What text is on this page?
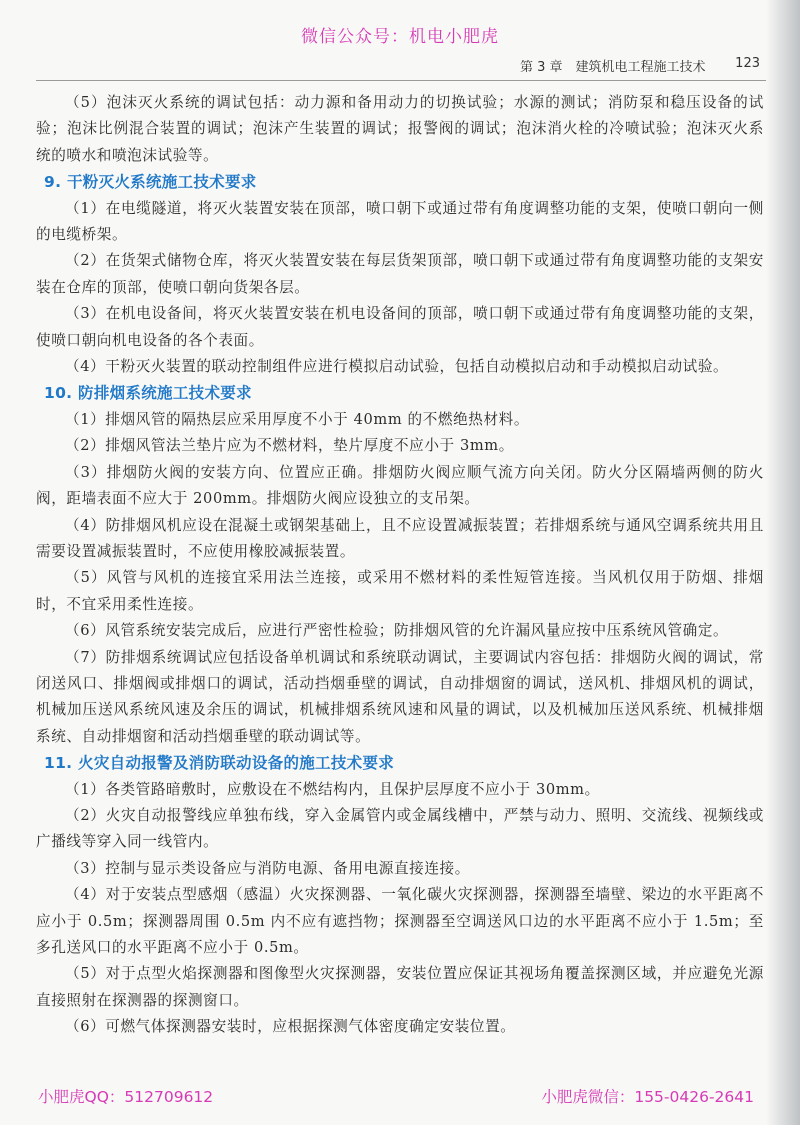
微信公众号：机电小肥虎
第 3 章　建筑机电工程施工技术 123

（5）泡沫灭火系统的调试包括：动力源和备用动力的切换试验；水源的测试；消防泵和稳压设备的试验；泡沫比例混合装置的调试；泡沫产生装置的调试；报警阀的调试；泡沫消火栓的冷喷试验；泡沫灭火系统的喷水和喷泡沫试验等。

9. 干粉灭火系统施工技术要求

（1）在电缆隧道，将灭火装置安装在顶部，喷口朝下或通过带有角度调整功能的支架，使喷口朝向一侧的电缆桥架。

（2）在货架式储物仓库，将灭火装置安装在每层货架顶部，喷口朝下或通过带有角度调整功能的支架安装在仓库的顶部，使喷口朝向货架各层。

（3）在机电设备间，将灭火装置安装在机电设备间的顶部，喷口朝下或通过带有角度调整功能的支架，使喷口朝向机电设备的各个表面。

（4）干粉灭火装置的联动控制组件应进行模拟启动试验，包括自动模拟启动和手动模拟启动试验。

10. 防排烟系统施工技术要求

（1）排烟风管的隔热层应采用厚度不小于 40mm 的不燃绝热材料。

（2）排烟风管法兰垫片应为不燃材料，垫片厚度不应小于 3mm。

（3）排烟防火阀的安装方向、位置应正确。排烟防火阀应顺气流方向关闭。防火分区隔墙两侧的防火阀，距墙表面不应大于 200mm。排烟防火阀应设独立的支吊架。

（4）防排烟风机应设在混凝土或钢架基础上，且不应设置减振装置；若排烟系统与通风空调系统共用且需要设置减振装置时，不应使用橡胶减振装置。

（5）风管与风机的连接宜采用法兰连接，或采用不燃材料的柔性短管连接。当风机仅用于防烟、排烟时，不宜采用柔性连接。

（6）风管系统安装完成后，应进行严密性检验；防排烟风管的允许漏风量应按中压系统风管确定。

（7）防排烟系统调试应包括设备单机调试和系统联动调试，主要调试内容包括：排烟防火阀的调试，常闭送风口、排烟阀或排烟口的调试，活动挡烟垂壁的调试，自动排烟窗的调试，送风机、排烟风机的调试，机械加压送风系统风速及余压的调试，机械排烟系统风速和风量的调试，以及机械加压送风系统、机械排烟系统、自动排烟窗和活动挡烟垂壁的联动调试等。

11. 火灾自动报警及消防联动设备的施工技术要求

（1）各类管路暗敷时，应敷设在不燃结构内，且保护层厚度不应小于 30mm。

（2）火灾自动报警线应单独布线，穿入金属管内或金属线槽中，严禁与动力、照明、交流线、视频线或广播线等穿入同一线管内。

（3）控制与显示类设备应与消防电源、备用电源直接连接。

（4）对于安装点型感烟（感温）火灾探测器、一氧化碳火灾探测器，探测器至墙壁、梁边的水平距离不应小于 0.5m；探测器周围 0.5m 内不应有遮挡物；探测器至空调送风口边的水平距离不应小于 1.5m；至多孔送风口的水平距离不应小于 0.5m。

（5）对于点型火焰探测器和图像型火灾探测器，安装位置应保证其视场角覆盖探测区域，并应避免光源直接照射在探测器的探测窗口。

（6）可燃气体探测器安装时，应根据探测气体密度确定安装位置。

小肥虎QQ：512709612	小肥虎微信：155-0426-2641
